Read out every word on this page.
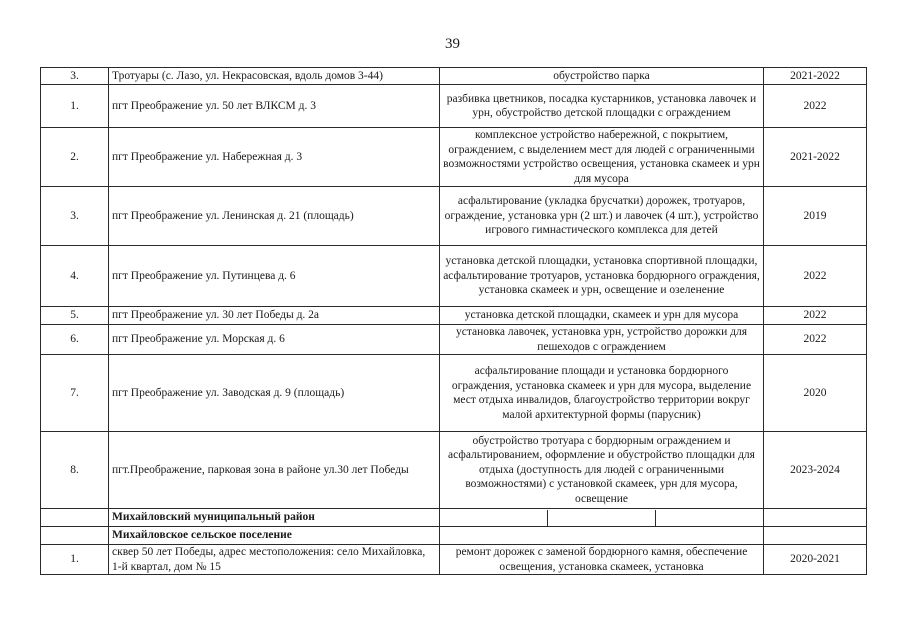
39
3.	Тротуары (с. Лазо, ул. Некрасовская, вдоль домов 3-44)	обустройство парка	2021-2022
1.	пгт Преображение ул. 50 лет ВЛКСМ д. 3	разбивка цветников, посадка кустарников, установка лавочек и урн, обустройство детской площадки с ограждением	2022
2.	пгт Преображение ул. Набережная д. 3	комплексное устройство набережной, с покрытием, ограждением, с выделением мест для людей с ограниченными возможностями устройство освещения, установка скамеек и урн для мусора	2021-2022
3.	пгт Преображение ул. Ленинская д. 21 (площадь)	асфальтирование (укладка брусчатки) дорожек, тротуаров, ограждение, установка урн (2 шт.) и лавочек (4 шт.), устройство игрового гимнастического комплекса для детей	2019
4.	пгт Преображение ул. Путинцева д. 6	установка детской площадки, установка спортивной площадки, асфальтирование тротуаров, установка бордюрного ограждения, установка скамеек и урн, освещение и озеленение	2022
5.	пгт Преображение ул. 30 лет Победы д. 2а	установка детской площадки, скамеек и урн для мусора	2022
6.	пгт Преображение ул. Морская д. 6	установка лавочек, установка урн, устройство дорожки для пешеходов с ограждением	2022
7.	пгт Преображение ул. Заводская д. 9 (площадь)	асфальтирование площади и установка бордюрного ограждения, установка скамеек и урн для мусора, выделение мест отдыха инвалидов, благоустройство территории вокруг малой архитектурной формы (парусник)	2020
8.	пгт.Преображение, парковая зона в районе ул.30 лет Победы	обустройство тротуара с бордюрным ограждением и асфальтированием, оформление и обустройство площадки для отдыха (доступность для людей с ограниченными возможностями) с установкой скамеек, урн для мусора, освещение	2023-2024
	Михайловский муниципальный район	

	Михайловское сельское поселение		
1.	сквер 50 лет Победы, адрес местоположения: село Михайловка, 1-й квартал, дом № 15	ремонт дорожек с заменой бордюрного камня, обеспечение освещения, установка скамеек, установка	2020-2021
